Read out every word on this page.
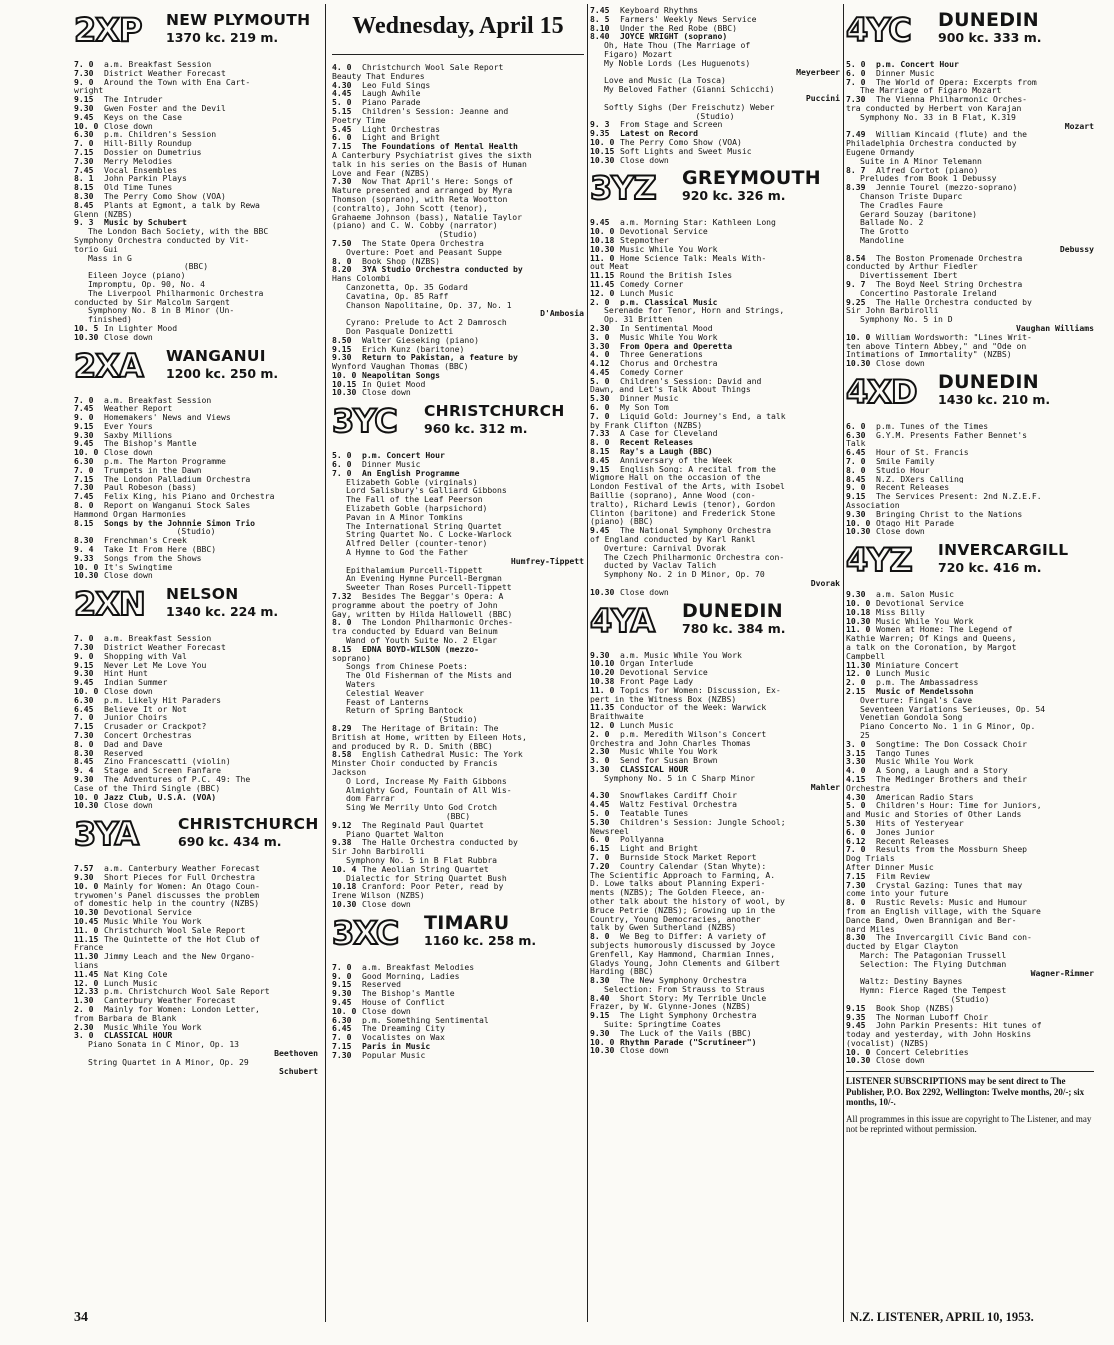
2XP NEW PLYMOUTH
1370 kc. 219 m.
7. 0 a.m. Breakfast Session
7.30 District Weather Forecast
9. 0 Around the Town with Ena Cart-
wright
9.15 The Intruder
9.30 Gwen Foster and the Devil
9.45 Keys on the Case
10. 0 Close down
6.30 p.m. Children's Session
7. 0 Hill-Billy Roundup
7.15 Dossier on Dumetrius
7.30 Merry Melodies
7.45 Vocal Ensembles
8. 1 John Parkin Plays
8.15 Old Time Tunes
8.30 The Perry Como Show (VOA)
8.45 Plants at Egmont, a talk by Rewa
Glenn (NZBS)
9. 3 Music by Schubert
The London Bach Society, with the BBC
Symphony Orchestra conducted by Vit-
torio Gui
Mass in G
(BBC)
Eileen Joyce (piano)
Impromptu, Op. 90, No. 4
The Liverpool Philharmonic Orchestra
conducted by Sir Malcolm Sargent
Symphony No. 8 in B Minor (Un-
finished)
10. 5 In Lighter Mood
10.30 Close down
2XA WANGANUI
1200 kc. 250 m.
7. 0 a.m. Breakfast Session
7.45 Weather Report
9. 0 Homemakers' News and Views
9.15 Ever Yours
9.30 Saxby Millions
9.45 The Bishop's Mantle
10. 0 Close down
6.30 p.m. The Marton Programme
7. 0 Trumpets in the Dawn
7.15 The London Palladium Orchestra
7.30 Paul Robeson (bass)
7.45 Felix King, his Piano and Orchestra
8. 0 Report on Wanganui Stock Sales
Hammond Organ Harmonies
8.15 Songs by the Johnnie Simon Trio
(Studio)
8.30 Frenchman's Creek
9. 4 Take It From Here (BBC)
9.33 Songs from the Shows
10. 0 It's Swingtime
10.30 Close down
2XN NELSON
1340 kc. 224 m.
7. 0 a.m. Breakfast Session
7.30 District Weather Forecast
9. 0 Shopping with Val
9.15 Never Let Me Love You
9.30 Hint Hunt
9.45 Indian Summer
10. 0 Close down
6.30 p.m. Likely Hit Paraders
6.45 Believe It or Not
7. 0 Junior Choirs
7.15 Crusader or Crackpot?
7.30 Concert Orchestras
8. 0 Dad and Dave
8.30 Reserved
8.45 Zino Francescatti (violin)
9. 4 Stage and Screen Fanfare
9.30 The Adventures of P.C. 49: The
Case of the Third Single (BBC)
10. 0 Jazz Club, U.S.A. (VOA)
10.30 Close down
3YA	CHRISTCHURCH
690 kc. 434 m.
7.57 a.m. Canterbury Weather Forecast
9.30 Short Pieces for Full Orchestra
10. 0 Mainly for Women: An Otago Coun-
trywomen's Panel discusses the problem
of domestic help in the country (NZBS)
10.30 Devotional Service
10.45 Music While You Work
11. 0 Christchurch Wool Sale Report
11.15 The Quintette of the Hot Club of
France
11.30 Jimmy Leach and the New Organo-
lians
11.45 Nat King Cole
12. 0 Lunch Music
12.33 p.m. Christchurch Wool Sale Report
1.30 Canterbury Weather Forecast
2. 0 Mainly for Women: London Letter,
from Barbara de Blank
2.30 Music While You Work
3. 0 CLASSICAL HOUR
Piano Sonata in C Minor, Op. 13
Beethoven
String Quartet in A Minor, Op. 29
Schubert
Wednesday, April 15
4. 0 Christchurch Wool Sale Report
Beauty That Endures
4.30 Leo Fuld Sings
4.45 Laugh Awhile
5. 0 Piano Parade
5.15 Children's Session: Jeanne and
Poetry Time
5.45 Light Orchestras
6. 0 Light and Bright
7.15 The Foundations of Mental Health
A Canterbury Psychiatrist gives the sixth
talk in his series on the Basis of Human
Love and Fear (NZBS)
7.30 Now That April's Here: Songs of
Nature presented and arranged by Myra
Thomson (soprano), with Reta Wootton
(contralto), John Scott (tenor),
Grahaeme Johnson (bass), Natalie Taylor
(piano) and C. W. Cobby (narrator)
(Studio)
7.50 The State Opera Orchestra
Overture: Poet and Peasant Suppe
8. 0 Book Shop (NZBS)
8.20 3YA Studio Orchestra conducted by
Hans Colombi
Canzonetta, Op. 35 Godard
Cavatina, Op. 85 Raff
Chanson Napolitaine, Op. 37, No. 1
D'Ambosia
Cyrano: Prelude to Act 2 Damrosch
Don Pasquale Donizetti
8.50 Walter Gieseking (piano)
9.15 Erich Kunz (baritone)
9.30 Return to Pakistan, a feature by
Wynford Vaughan Thomas (BBC)
10. 0 Neapolitan Songs
10.15 In Quiet Mood
10.30 Close down
3YC CHRISTCHURCH
960 kc. 312 m.
5. 0 p.m. Concert Hour
6. 0 Dinner Music
7. 0 An English Programme
Elizabeth Goble (virginals)
Lord Salisbury's Galliard Gibbons
The Fall of the Leaf Peerson
Elizabeth Goble (harpsichord)
Pavan in A Minor Tomkins
The International String Quartet
String Quartet No. C Locke-Warlock
Alfred Deller (counter-tenor)
A Hymne to God the Father
Humfrey-Tippett
Epithalamium Purcell-Tippett
An Evening Hymne Purcell-Bergman
Sweeter Than Roses Purcell-Tippett
7.32 Besides The Beggar's Opera: A
programme about the poetry of John
Gay, written by Hilda Hallowell (BBC)
8. 0 The London Philharmonic Orches-
tra conducted by Eduard van Beinum
Wand of Youth Suite No. 2 Elgar
8.15 EDNA BOYD-WILSON (mezzo-
soprano)
Songs from Chinese Poets:
The Old Fisherman of the Mists and
Waters
Celestial Weaver
Feast of Lanterns
Return of Spring Bantock
(Studio)
8.29 The Heritage of Britain: The
British at Home, written by Eileen Hots,
and produced by R. D. Smith (BBC)
8.58 English Cathedral Music: The York
Minster Choir conducted by Francis
Jackson
O Lord, Increase My Faith Gibbons
Almighty God, Fountain of All Wis-
dom Farrar
Sing We Merrily Unto God Crotch
(BBC)
9.12 The Reginald Paul Quartet
Piano Quartet Walton
9.38 The Halle Orchestra conducted by
Sir John Barbirolli
Symphony No. 5 in B Flat Rubbra
10. 4 The Aeolian String Quartet
Dialectic for String Quartet Bush
10.18 Cranford: Poor Peter, read by
Irene Wilson (NZBS)
10.30 Close down
3XC TIMARU
1160 kc. 258 m.
7. 0 a.m. Breakfast Melodies
9. 0 Good Morning, Ladies
9.15 Reserved
9.30 The Bishop's Mantle
9.45 House of Conflict
10. 0 Close down
6.30 p.m. Something Sentimental
6.45 The Dreaming City
7. 0 Vocalistes on Wax
7.15 Paris in Music
7.30 Popular Music
7.45 Keyboard Rhythms
8. 5 Farmers' Weekly News Service
8.10 Under the Red Robe (BBC)
8.40 JOYCE WRIGHT (soprano)
Oh, Hate Thou (The Marriage of
Figaro) Mozart
My Noble Lords (Les Huguenots)
Meyerbeer
Love and Music (La Tosca)
My Beloved Father (Gianni Schicchi)
Puccini
Softly Sighs (Der Freischutz) Weber
(Studio)
9. 3 From Stage and Screen
9.35 Latest on Record
10. 0 The Perry Como Show (VOA)
10.15 Soft Lights and Sweet Music
10.30 Close down
3YZ GREYMOUTH
920 kc. 326 m.
9.45 a.m. Morning Star: Kathleen Long
10. 0 Devotional Service
10.18 Stepmother
10.30 Music While You Work
11. 0 Home Science Talk: Meals With-
out Meat
11.15 Round the British Isles
11.45 Comedy Corner
12. 0 Lunch Music
2. 0 p.m. Classical Music
Serenade for Tenor, Horn and Strings,
Op. 31 Britten
2.30 In Sentimental Mood
3. 0 Music While You Work
3.30 From Opera and Operetta
4. 0 Three Generations
4.12 Chorus and Orchestra
4.45 Comedy Corner
5. 0 Children's Session: David and
Dawn, and Let's Talk About Things
5.30 Dinner Music
6. 0 My Son Tom
7. 0 Liquid Gold: Journey's End, a talk
by Frank Clifton (NZBS)
7.33 A Case for Cleveland
8. 0 Recent Releases
8.15 Ray's a Laugh (BBC)
8.45 Anniversary of the Week
9.15 English Song: A recital from the
Wigmore Hall on the occasion of the
London Festival of the Arts, with Isobel
Baillie (soprano), Anne Wood (con-
tralto), Richard Lewis (tenor), Gordon
Clinton (baritone) and Frederick Stone
(piano) (BBC)
9.45 The National Symphony Orchestra
of England conducted by Karl Rankl
Overture: Carnival Dvorak
The Czech Philharmonic Orchestra con-
ducted by Vaclav Talich
Symphony No. 2 in D Minor, Op. 70
Dvorak
10.30 Close down
4YA DUNEDIN
780 kc. 384 m.
9.30 a.m. Music While You Work
10.10 Organ Interlude
10.20 Devotional Service
10.38 Front Page Lady
11. 0 Topics for Women: Discussion, Ex-
pert in the Witness Box (NZBS)
11.35 Conductor of the Week: Warwick
Braithwaite
12. 0 Lunch Music
2. 0 p.m. Meredith Wilson's Concert
Orchestra and John Charles Thomas
2.30 Music While You Work
3. 0 Send for Susan Brown
3.30 CLASSICAL HOUR
Symphony No. 5 in C Sharp Minor
Mahler
4.30 Snowflakes Cardiff Choir
4.45 Waltz Festival Orchestra
5. 0 Teatable Tunes
5.30 Children's Session: Jungle School;
Newsreel
6. 0 Pollyanna
6.15 Light and Bright
7. 0 Burnside Stock Market Report
7.20 Country Calendar (Stan Whyte):
The Scientific Approach to Farming, A.
D. Lowe talks about Planning Experi-
ments (NZBS); The Golden Fleece, an-
other talk about the history of wool, by
Bruce Petrie (NZBS); Growing up in the
Country, Young Democracies, another
talk by Gwen Sutherland (NZBS)
8. 0 We Beg to Differ: A variety of
subjects humorously discussed by Joyce
Grenfell, Kay Hammond, Charmian Innes,
Gladys Young, John Clements and Gilbert
Harding (BBC)
8.30 The New Symphony Orchestra
Selection: From Strauss to Straus
8.40 Short Story: My Terrible Uncle
Frazer, by W. Glynne-Jones (NZBS)
9.15 The Light Symphony Orchestra
Suite: Springtime Coates
9.30 The Luck of the Vails (BBC)
10. 0 Rhythm Parade ("Scrutineer")
10.30 Close down
4YC DUNEDIN
900 kc. 333 m.
5. 0 p.m. Concert Hour
6. 0 Dinner Music
7. 0 The World of Opera: Excerpts from
The Marriage of Figaro Mozart
7.30 The Vienna Philharmonic Orches-
tra conducted by Herbert von Karajan
Symphony No. 33 in B Flat, K.319
Mozart
7.49 William Kincaid (flute) and the
Philadelphia Orchestra conducted by
Eugene Ormandy
Suite in A Minor Telemann
8. 7 Alfred Cortot (piano)
Preludes from Book 1 Debussy
8.39 Jennie Tourel (mezzo-soprano)
Chanson Triste Duparc
The Cradles Faure
Gerard Souzay (baritone)
Ballade No. 2
The Grotto
Mandoline
Debussy
8.54 The Boston Promenade Orchestra
conducted by Arthur Fiedler
Divertissement Ibert
9. 7 The Boyd Neel String Orchestra
Concertino Pastorale Ireland
9.25 The Halle Orchestra conducted by
Sir John Barbirolli
Symphony No. 5 in D
Vaughan Williams
10. 0 William Wordsworth: "Lines Writ-
ten above Tintern Abbey," and "Ode on
Intimations of Immortality" (NZBS)
10.30 Close down
4XD DUNEDIN
1430 kc. 210 m.
6. 0 p.m. Tunes of the Times
6.30 G.Y.M. Presents Father Bennet's
Talk
6.45 Hour of St. Francis
7. 0 Smile Family
8. 0 Studio Hour
8.45 N.Z. DXers Calling
9. 0 Recent Releases
9.15 The Services Present: 2nd N.Z.E.F.
Association
9.30 Bringing Christ to the Nations
10. 0 Otago Hit Parade
10.30 Close down
4YZ INVERCARGILL
720 kc. 416 m.
9.30 a.m. Salon Music
10. 0 Devotional Service
10.18 Miss Billy
10.30 Music While You Work
11. 0 Women at Home: The Legend of
Kathie Warren; Of Kings and Queens,
a talk on the Coronation, by Margot
Campbell
11.30 Miniature Concert
12. 0 Lunch Music
2. 0 p.m. The Ambassadress
2.15 Music of Mendelssohn
Overture: Fingal's Cave
Seventeen Variations Serieuses, Op. 54
Venetian Gondola Song
Piano Concerto No. 1 in G Minor, Op.
25
3. 0 Songtime: The Don Cossack Choir
3.15 Tango Tunes
3.30 Music While You Work
4. 0 A Song, a Laugh and a Story
4.15 The Medinger Brothers and their
Orchestra
4.30 American Radio Stars
5. 0 Children's Hour: Time for Juniors,
and Music and Stories of Other Lands
5.30 Hits of Yesteryear
6. 0 Jones Junior
6.12 Recent Releases
7. 0 Results from the Mossburn Sheep
Dog Trials
After Dinner Music
7.15 Film Review
7.30 Crystal Gazing: Tunes that may
come into your future
8. 0 Rustic Revels: Music and Humour
from an English village, with the Square
Dance Band, Owen Brannigan and Ber-
nard Miles
8.30 The Invercargill Civic Band con-
ducted by Elgar Clayton
March: The Patagonian Trussell
Selection: The Flying Dutchman
Wagner-Rimmer
Waltz: Destiny Baynes
Hymn: Fierce Raged the Tempest
(Studio)
9.15 Book Shop (NZBS)
9.35 The Norman Luboff Choir
9.45 John Parkin Presents: Hit tunes of
today and yesterday, with John Hoskins
(vocalist) (NZBS)
10. 0 Concert Celebrities
10.30 Close down
LISTENER SUBSCRIPTIONS may be sent direct to The Publisher, P.O. Box 2292, Wellington: Twelve months, 20/-; six months, 10/-.
All programmes in this issue are copyright to The Listener, and may not be reprinted without permission.
34	N.Z. LISTENER, APRIL 10, 1953.
